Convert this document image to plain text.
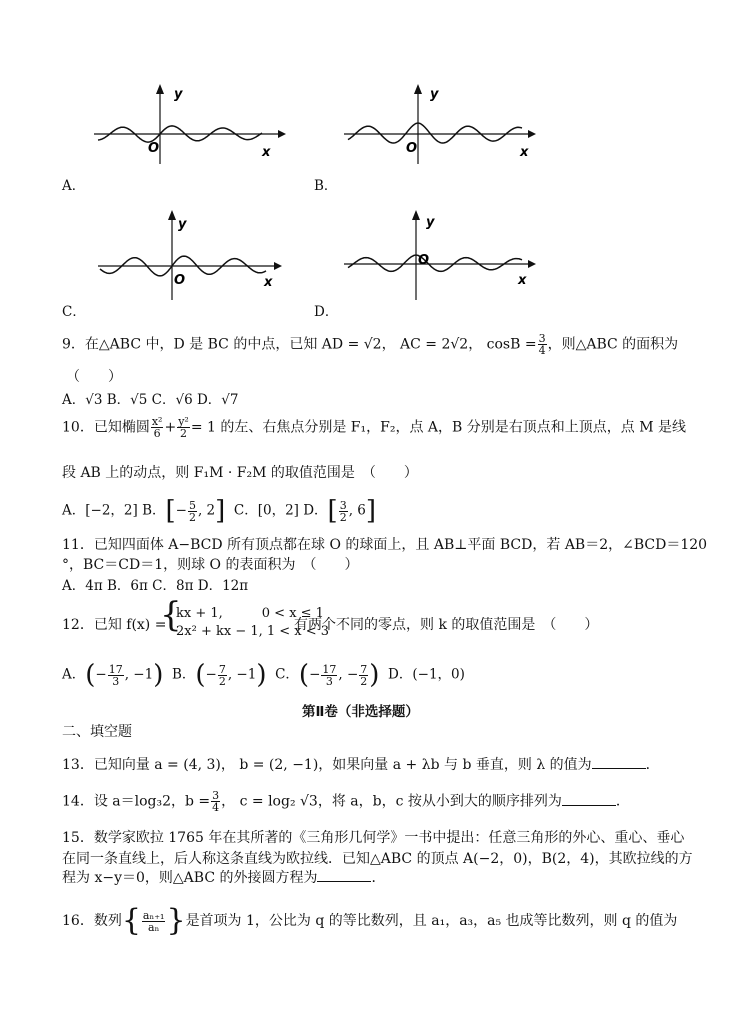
y
x
O
A．
y
x
O
B．
y
x
O
C．
y
x
O
D．
9．在△ABC 中，D 是 BC 的中点，已知 AD = √2， AC = 2√2， $\cos B = \frac{3}{4}$ ，则△ABC 的面积为
（　　）
A．√3 B．√5 C．√6 D．√7
10．已知椭圆 $\frac{\text{x²}}{6} + \frac{\text{y²}}{2} = 1$ 的左、右焦点分别是 F₁，F₂，点 A，B 分别是右顶点和上顶点，点 M 是线
段 AB 上的动点，则 F₁M · F₂M 的取值范围是　（　　）
A．[−2，2] B．[− $\frac{5}{2}$ , 2] C．[0，2] D．[ $\frac{3}{2}$ , 6]
11．已知四面体 A−BCD 所有顶点都在球 O 的球面上，且 AB⊥平面 BCD，若 AB＝2，∠BCD＝120
°，BC＝CD＝1，则球 O 的表面积为　（　　）
A．4π B．6π C．8π D．12π
12．已知 f(x) =
{
kx + 1,　　　0 < x ≤ 1
2x² + kx − 1, 1 < x < 3
有两个不同的零点，则 k 的取值范围是　（　　）
A．(− $\frac{17}{3}$ , −1) B．(− $\frac{7}{2}$ , −1) C．(− $\frac{17}{3}$ , − $\frac{7}{2}$ ) D．(−1，0)
第Ⅱ卷（非选择题）
二、填空题
13．已知向量 a = (4, 3)， b = (2, −1)，如果向量 a + λb 与 b 垂直，则 λ 的值为	．
14．设 a＝log₃2，$b = \frac{3}{4}$ ， c = log₂ √3，将 a，b，c 按从小到大的顺序排列为	．
15．数学家欧拉 1765 年在其所著的《三角形几何学》一书中提出：任意三角形的外心、重心、垂心
在同一条直线上，后人称这条直线为欧拉线．已知△ABC 的顶点 A(−2，0)，B(2，4)，其欧拉线的方
程为 x−y＝0，则△ABC 的外接圆方程为	．
16．数列{ $\frac{\text{aₙ₊₁}}{\text{aₙ}}$ }是首项为 1，公比为 q 的等比数列，且 a₁，a₃，a₅ 也成等比数列，则 q 的值为
